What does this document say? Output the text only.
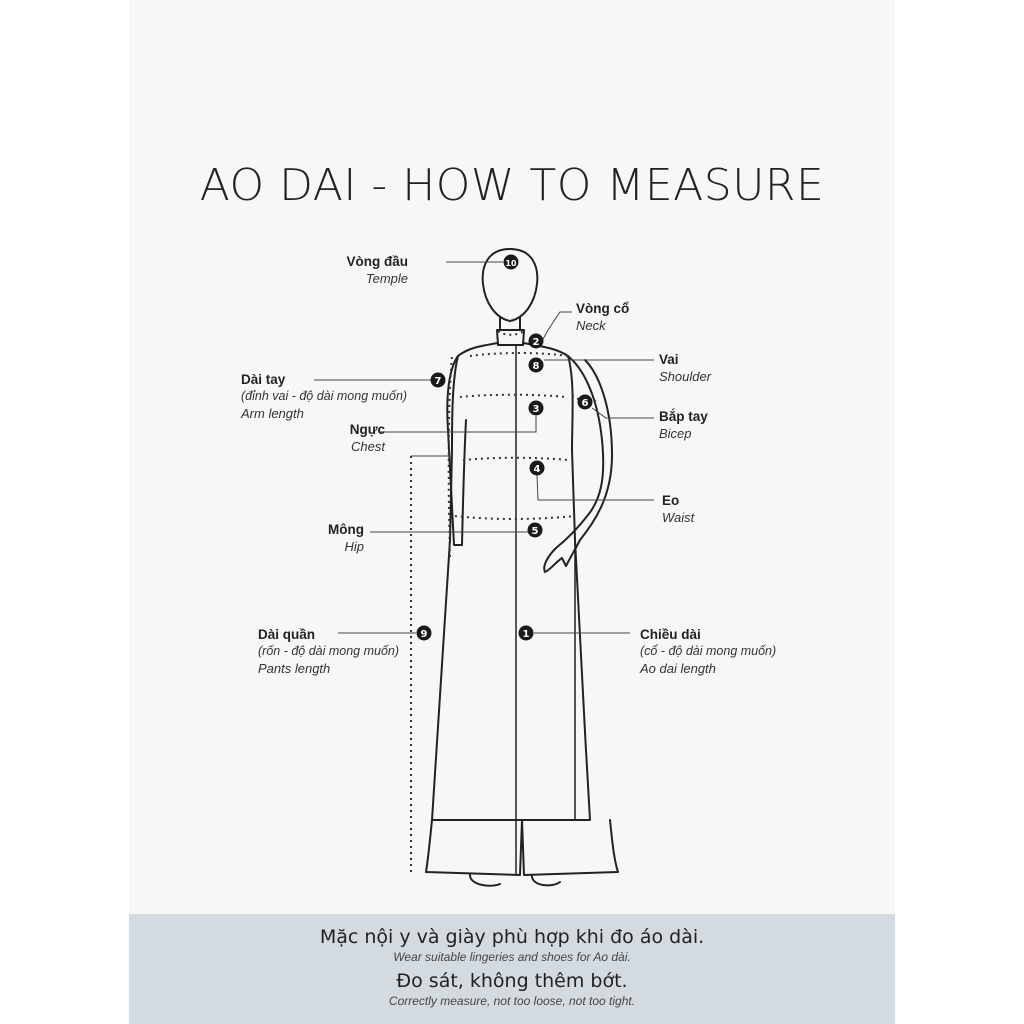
AO DAI - HOW TO MEASURE
10
2
8
7
6
3
4
5
9	1
Vòng đầu
Temple
Vòng cổ
Neck
Vai
Shoulder
Dài tay
(đỉnh vai - độ dài mong muốn)
Arm length	Bắp tay
Bicep
Ngực
Chest
Eo
Waist
Mông
Hip
Dài quần
(rốn - độ dài mong muốn)
Pants length
Chiều dài
(cổ - độ dài mong muốn)
Ao dai length
Mặc nội y và giày phù hợp khi đo áo dài.
Wear suitable lingeries and shoes for Ao dài.
Đo sát, không thêm bớt.
Correctly measure, not too loose, not too tight.
